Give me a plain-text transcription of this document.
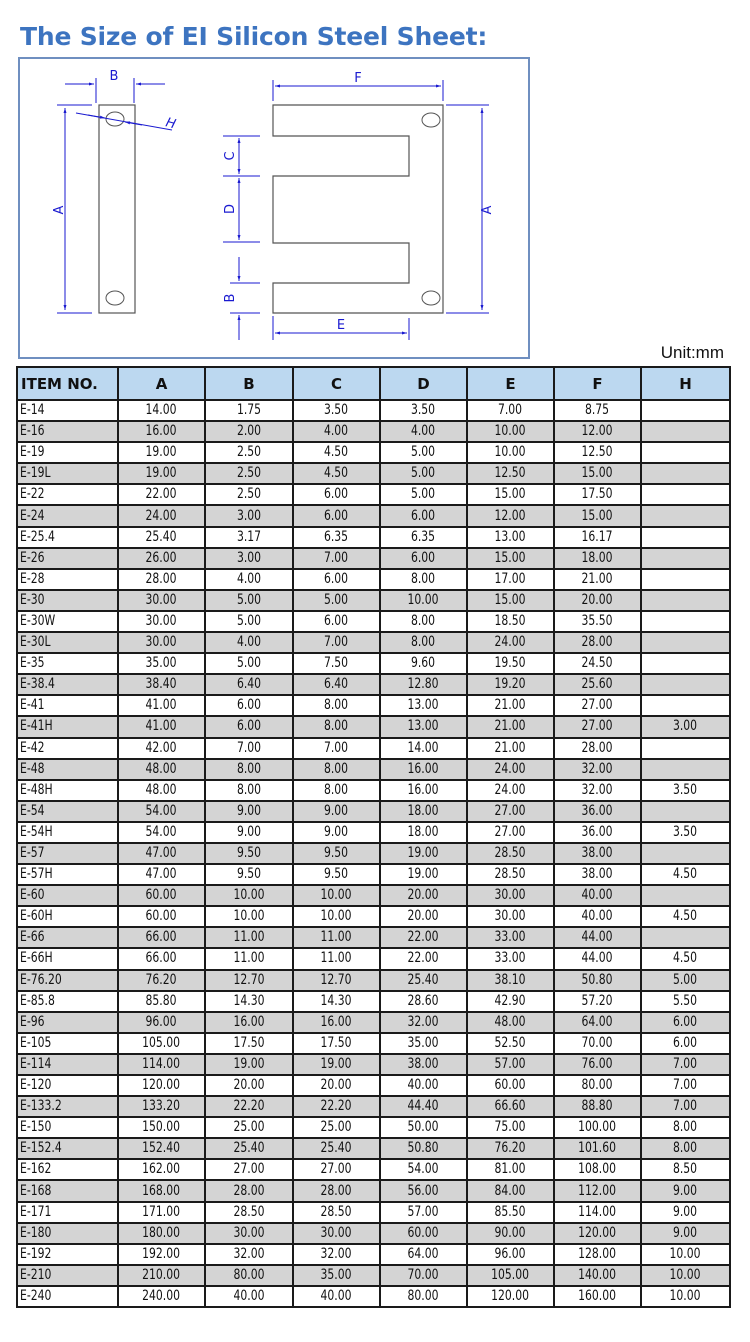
The Size of EI Silicon Steel Sheet:
B
H
A
F
A
C
D
B
E
Unit:mm
ITEM NO.	A	B	C	D	E	F	H
E-14	14.00	1.75	3.50	3.50	7.00	8.75	
E-16	16.00	2.00	4.00	4.00	10.00	12.00	
E-19	19.00	2.50	4.50	5.00	10.00	12.50	
E-19L	19.00	2.50	4.50	5.00	12.50	15.00	
E-22	22.00	2.50	6.00	5.00	15.00	17.50	
E-24	24.00	3.00	6.00	6.00	12.00	15.00	
E-25.4	25.40	3.17	6.35	6.35	13.00	16.17	
E-26	26.00	3.00	7.00	6.00	15.00	18.00	
E-28	28.00	4.00	6.00	8.00	17.00	21.00	
E-30	30.00	5.00	5.00	10.00	15.00	20.00	
E-30W	30.00	5.00	6.00	8.00	18.50	35.50	
E-30L	30.00	4.00	7.00	8.00	24.00	28.00	
E-35	35.00	5.00	7.50	9.60	19.50	24.50	
E-38.4	38.40	6.40	6.40	12.80	19.20	25.60	
E-41	41.00	6.00	8.00	13.00	21.00	27.00	
E-41H	41.00	6.00	8.00	13.00	21.00	27.00	3.00
E-42	42.00	7.00	7.00	14.00	21.00	28.00	
E-48	48.00	8.00	8.00	16.00	24.00	32.00	
E-48H	48.00	8.00	8.00	16.00	24.00	32.00	3.50
E-54	54.00	9.00	9.00	18.00	27.00	36.00	
E-54H	54.00	9.00	9.00	18.00	27.00	36.00	3.50
E-57	47.00	9.50	9.50	19.00	28.50	38.00	
E-57H	47.00	9.50	9.50	19.00	28.50	38.00	4.50
E-60	60.00	10.00	10.00	20.00	30.00	40.00	
E-60H	60.00	10.00	10.00	20.00	30.00	40.00	4.50
E-66	66.00	11.00	11.00	22.00	33.00	44.00	
E-66H	66.00	11.00	11.00	22.00	33.00	44.00	4.50
E-76.20	76.20	12.70	12.70	25.40	38.10	50.80	5.00
E-85.8	85.80	14.30	14.30	28.60	42.90	57.20	5.50
E-96	96.00	16.00	16.00	32.00	48.00	64.00	6.00
E-105	105.00	17.50	17.50	35.00	52.50	70.00	6.00
E-114	114.00	19.00	19.00	38.00	57.00	76.00	7.00
E-120	120.00	20.00	20.00	40.00	60.00	80.00	7.00
E-133.2	133.20	22.20	22.20	44.40	66.60	88.80	7.00
E-150	150.00	25.00	25.00	50.00	75.00	100.00	8.00
E-152.4	152.40	25.40	25.40	50.80	76.20	101.60	8.00
E-162	162.00	27.00	27.00	54.00	81.00	108.00	8.50
E-168	168.00	28.00	28.00	56.00	84.00	112.00	9.00
E-171	171.00	28.50	28.50	57.00	85.50	114.00	9.00
E-180	180.00	30.00	30.00	60.00	90.00	120.00	9.00
E-192	192.00	32.00	32.00	64.00	96.00	128.00	10.00
E-210	210.00	80.00	35.00	70.00	105.00	140.00	10.00
E-240	240.00	40.00	40.00	80.00	120.00	160.00	10.00
